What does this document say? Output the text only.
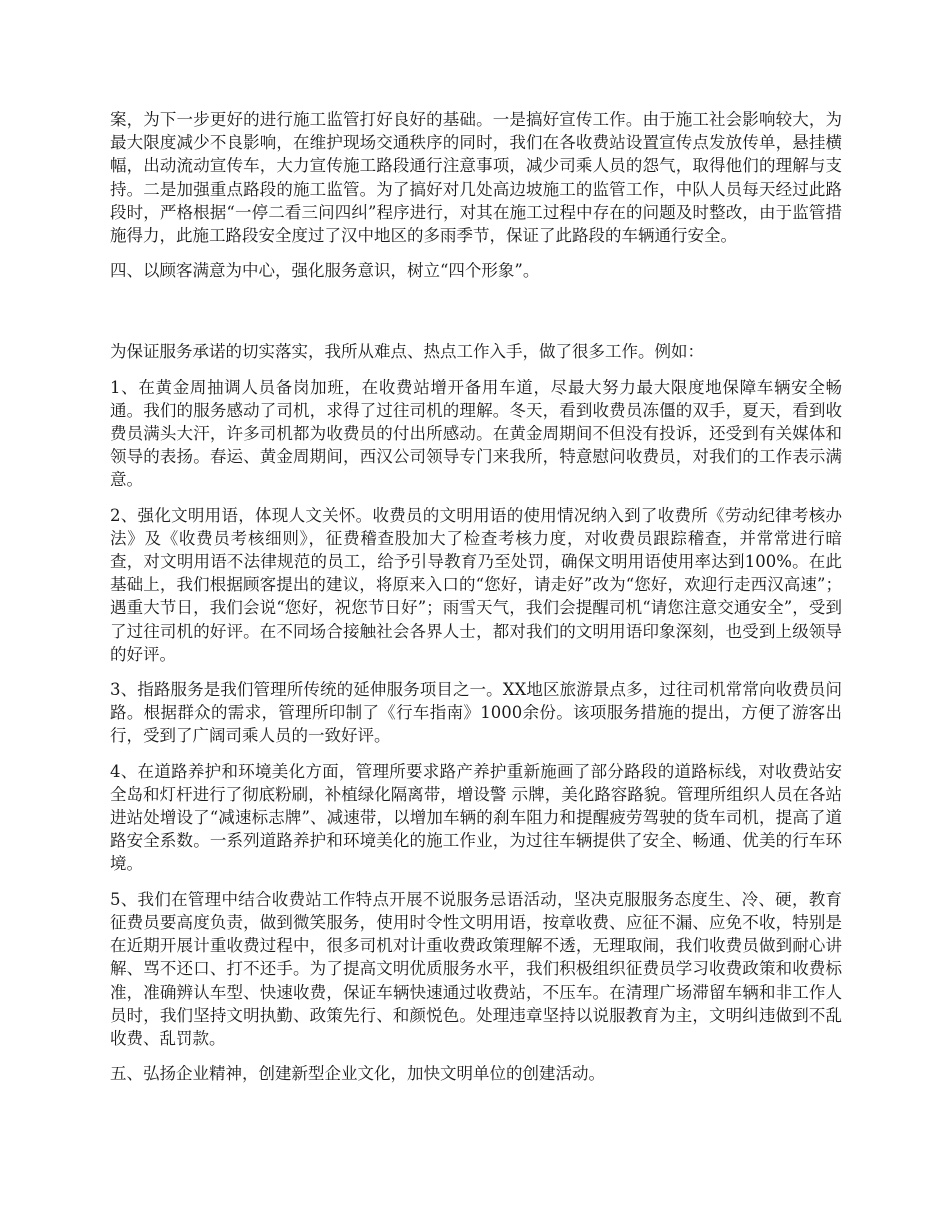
案，为下一步更好的进行施工监管打好良好的基础。一是搞好宣传工作。由于施工社会影响较大，为最大限度减少不良影响，在维护现场交通秩序的同时，我们在各收费站设置宣传点发放传单，悬挂横幅，出动流动宣传车，大力宣传施工路段通行注意事项，减少司乘人员的怨气，取得他们的理解与支持。二是加强重点路段的施工监管。为了搞好对几处高边坡施工的监管工作，中队人员每天经过此路段时，严格根据“一停二看三问四纠”程序进行，对其在施工过程中存在的问题及时整改，由于监管措施得力，此施工路段安全度过了汉中地区的多雨季节，保证了此路段的车辆通行安全。

四、以顾客满意为中心，强化服务意识，树立“四个形象”。

为保证服务承诺的切实落实，我所从难点、热点工作入手，做了很多工作。例如：

1、在黄金周抽调人员备岗加班，在收费站增开备用车道，尽最大努力最大限度地保障车辆安全畅通。我们的服务感动了司机，求得了过往司机的理解。冬天，看到收费员冻僵的双手，夏天，看到收费员满头大汗，许多司机都为收费员的付出所感动。在黄金周期间不但没有投诉，还受到有关媒体和领导的表扬。春运、黄金周期间，西汉公司领导专门来我所，特意慰问收费员，对我们的工作表示满意。

2、强化文明用语，体现人文关怀。收费员的文明用语的使用情况纳入到了收费所《劳动纪律考核办法》及《收费员考核细则》，征费稽查股加大了检查考核力度，对收费员跟踪稽查，并常常进行暗查，对文明用语不法律规范的员工，给予引导教育乃至处罚，确保文明用语使用率达到100%。在此基础上，我们根据顾客提出的建议，将原来入口的“您好，请走好”改为“您好，欢迎行走西汉高速”；遇重大节日，我们会说“您好，祝您节日好”；雨雪天气，我们会提醒司机“请您注意交通安全”，受到了过往司机的好评。在不同场合接触社会各界人士，都对我们的文明用语印象深刻，也受到上级领导的好评。

3、指路服务是我们管理所传统的延伸服务项目之一。XX地区旅游景点多，过往司机常常向收费员问路。根据群众的需求，管理所印制了《行车指南》1000余份。该项服务措施的提出，方便了游客出行，受到了广阔司乘人员的一致好评。

4、在道路养护和环境美化方面，管理所要求路产养护重新施画了部分路段的道路标线，对收费站安全岛和灯杆进行了彻底粉刷，补植绿化隔离带，增设警 示牌，美化路容路貌。管理所组织人员在各站进站处增设了“减速标志牌”、减速带，以增加车辆的刹车阻力和提醒疲劳驾驶的货车司机，提高了道路安全系数。一系列道路养护和环境美化的施工作业，为过往车辆提供了安全、畅通、优美的行车环境。

5、我们在管理中结合收费站工作特点开展不说服务忌语活动，坚决克服服务态度生、冷、硬，教育征费员要高度负责，做到微笑服务，使用时令性文明用语，按章收费、应征不漏、应免不收，特别是在近期开展计重收费过程中，很多司机对计重收费政策理解不透，无理取闹，我们收费员做到耐心讲解、骂不还口、打不还手。为了提高文明优质服务水平，我们积极组织征费员学习收费政策和收费标准，准确辨认车型、快速收费，保证车辆快速通过收费站，不压车。在清理广场滞留车辆和非工作人员时，我们坚持文明执勤、政策先行、和颜悦色。处理违章坚持以说服教育为主，文明纠违做到不乱收费、乱罚款。

五、弘扬企业精神，创建新型企业文化，加快文明单位的创建活动。
